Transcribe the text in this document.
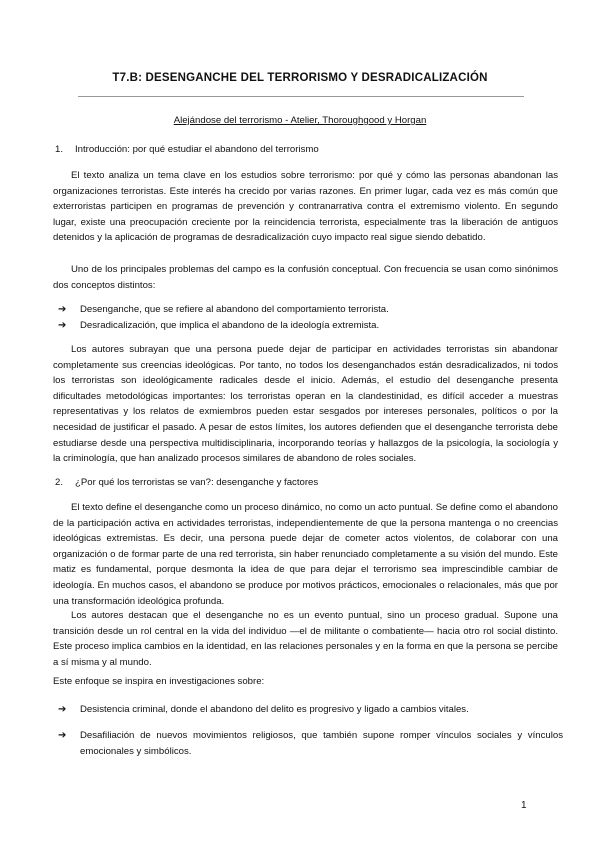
T7.B: DESENGANCHE DEL TERRORISMO Y DESRADICALIZACIÓN
Alejándose del terrorismo - Atelier, Thoroughgood y Horgan
1. Introducción: por qué estudiar el abandono del terrorismo

El texto analiza un tema clave en los estudios sobre terrorismo: por qué y cómo las personas abandonan las organizaciones terroristas. Este interés ha crecido por varias razones. En primer lugar, cada vez es más común que exterroristas participen en programas de prevención y contranarrativa contra el extremismo violento. En segundo lugar, existe una preocupación creciente por la reincidencia terrorista, especialmente tras la liberación de antiguos detenidos y la aplicación de programas de desradicalización cuyo impacto real sigue siendo debatido.

Uno de los principales problemas del campo es la confusión conceptual. Con frecuencia se usan como sinónimos dos conceptos distintos:

➔	Desenganche, que se refiere al abandono del comportamiento terrorista.
➔	Desradicalización, que implica el abandono de la ideología extremista.

Los autores subrayan que una persona puede dejar de participar en actividades terroristas sin abandonar completamente sus creencias ideológicas. Por tanto, no todos los desenganchados están desradicalizados, ni todos los terroristas son ideológicamente radicales desde el inicio. Además, el estudio del desenganche presenta dificultades metodológicas importantes: los terroristas operan en la clandestinidad, es difícil acceder a muestras representativas y los relatos de exmiembros pueden estar sesgados por intereses personales, políticos o por la necesidad de justificar el pasado. A pesar de estos límites, los autores defienden que el desenganche terrorista debe estudiarse desde una perspectiva multidisciplinaria, incorporando teorías y hallazgos de la psicología, la sociología y la criminología, que han analizado procesos similares de abandono de roles sociales.

2. ¿Por qué los terroristas se van?: desenganche y factores

El texto define el desenganche como un proceso dinámico, no como un acto puntual. Se define como el abandono de la participación activa en actividades terroristas, independientemente de que la persona mantenga o no creencias ideológicas extremistas. Es decir, una persona puede dejar de cometer actos violentos, de colaborar con una organización o de formar parte de una red terrorista, sin haber renunciado completamente a su visión del mundo. Este matiz es fundamental, porque desmonta la idea de que para dejar el terrorismo sea imprescindible cambiar de ideología. En muchos casos, el abandono se produce por motivos prácticos, emocionales o relacionales, más que por una transformación ideológica profunda.

Los autores destacan que el desenganche no es un evento puntual, sino un proceso gradual. Supone una transición desde un rol central en la vida del individuo —el de militante o combatiente— hacia otro rol social distinto. Este proceso implica cambios en la identidad, en las relaciones personales y en la forma en que la persona se percibe a sí misma y al mundo.

Este enfoque se inspira en investigaciones sobre:

➔	Desistencia criminal, donde el abandono del delito es progresivo y ligado a cambios vitales.
➔	Desafiliación de nuevos movimientos religiosos, que también supone romper vínculos sociales y vínculos emocionales y simbólicos.
1
